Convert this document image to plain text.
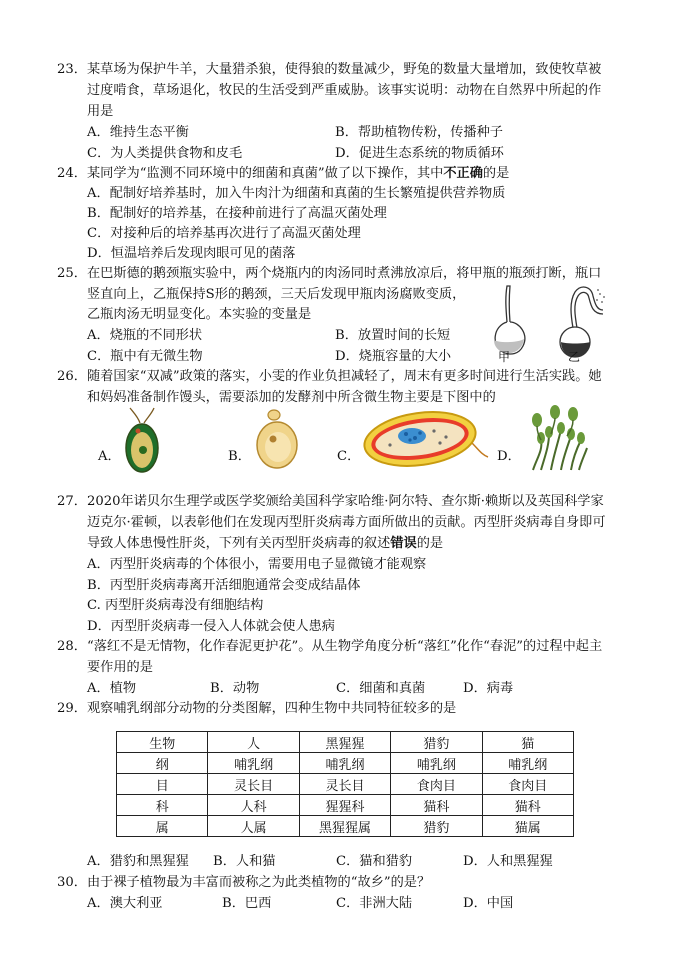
23．某草场为保护牛羊，大量猎杀狼，使得狼的数量减少，野兔的数量大量增加，致使牧草被
过度啃食，草场退化，牧民的生活受到严重威胁。该事实说明：动物在自然界中所起的作
用是
A．维持生态平衡	B．帮助植物传粉，传播种子
C．为人类提供食物和皮毛	D．促进生态系统的物质循环
24．某同学为“监测不同环境中的细菌和真菌”做了以下操作，其中不正确的是
A．配制好培养基时，加入牛肉汁为细菌和真菌的生长繁殖提供营养物质
B．配制好的培养基，在接种前进行了高温灭菌处理
C．对接种后的培养基再次进行了高温灭菌处理
D．恒温培养后发现肉眼可见的菌落
25．在巴斯德的鹅颈瓶实验中，两个烧瓶内的肉汤同时煮沸放凉后，将甲瓶的瓶颈打断，瓶口
竖直向上，乙瓶保持S形的鹅颈，三天后发现甲瓶肉汤腐败变质，
乙瓶肉汤无明显变化。本实验的变量是
A．烧瓶的不同形状	B．放置时间的长短
C．瓶中有无微生物	D．烧瓶容量的大小	甲	乙
26．随着国家“双减”政策的落实，小雯的作业负担减轻了，周末有更多时间进行生活实践。她
和妈妈准备制作馒头，需要添加的发酵剂中所含微生物主要是下图中的
A．	B．	C．	D．
27．2020年诺贝尔生理学或医学奖颁给美国科学家哈维·阿尔特、查尔斯·赖斯以及英国科学家
迈克尔·霍顿，以表彰他们在发现丙型肝炎病毒方面所做出的贡献。丙型肝炎病毒自身即可
导致人体患慢性肝炎，下列有关丙型肝炎病毒的叙述错误的是
A．丙型肝炎病毒的个体很小，需要用电子显微镜才能观察
B．丙型肝炎病毒离开活细胞通常会变成结晶体
C. 丙型肝炎病毒没有细胞结构
D．丙型肝炎病毒一侵入人体就会使人患病
28．“落红不是无情物，化作春泥更护花”。从生物学角度分析“落红”化作“春泥”的过程中起主
要作用的是
A．植物	B．动物	C．细菌和真菌	D．病毒
29．观察哺乳纲部分动物的分类图解，四种生物中共同特征较多的是
生物	人	黑猩猩	猎豹	猫
纲	哺乳纲	哺乳纲	哺乳纲	哺乳纲
目	灵长目	灵长目	食肉目	食肉目
科	人科	猩猩科	猫科	猫科
属	人属	黑猩猩属	猎豹	猫属
A．猎豹和黑猩猩 B．人和猫	C．猫和猎豹	D．人和黑猩猩
30．由于裸子植物最为丰富而被称之为此类植物的“故乡”的是？
A．澳大利亚	B．巴西	C．非洲大陆	D．中国
